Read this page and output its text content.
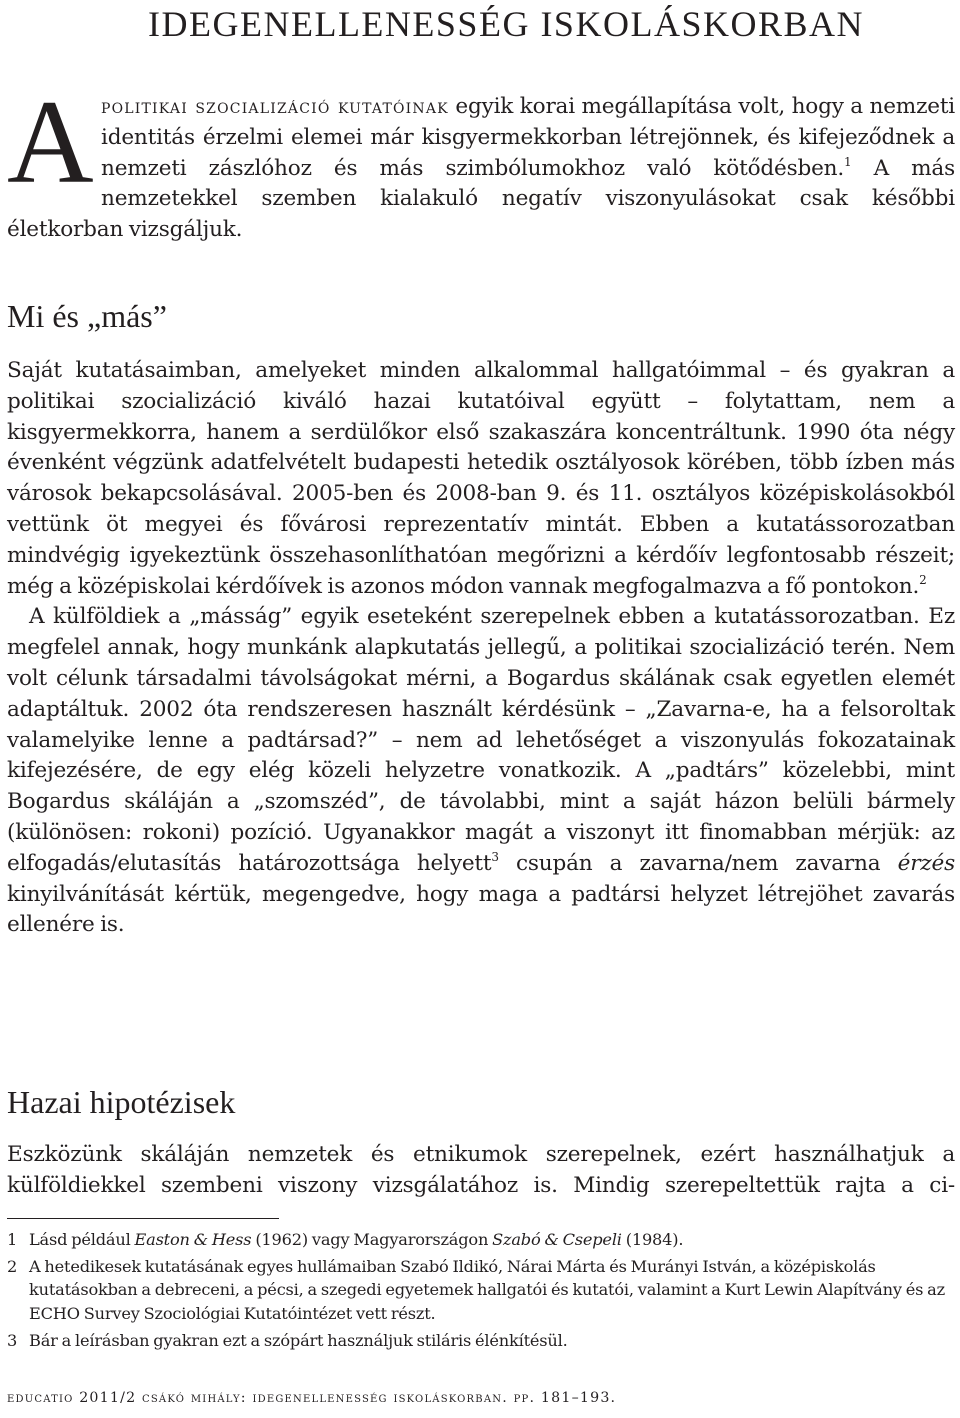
IDEGENELLENESSÉG ISKOLÁSKORBAN

Apolitikai szocializáció kutatóinak egyik korai megállapítása volt, hogy a nemzeti identitás érzelmi elemei már kisgyermekkorban létrejönnek, és kifejeződnek a nemzeti zászlóhoz és más szimbólumokhoz való kötődésben.$^1$ A más nemzetekkel szemben kialakuló negatív viszonyulásokat csak későbbi életkorban vizsgáljuk.

Mi és „más”

Saját kutatásaimban, amelyeket minden alkalommal hallgatóimmal – és gyakran a politikai szocializáció kiváló hazai kutatóival együtt – folytattam, nem a kisgyermekkorra, hanem a serdülőkor első szakaszára koncentráltunk. 1990 óta négy évenként végzünk adatfelvételt budapesti hetedik osztályosok körében, több ízben más városok bekapcsolásával. 2005-ben és 2008-ban 9. és 11. osztályos középiskolásokból vettünk öt megyei és fővárosi reprezentatív mintát. Ebben a kutatássorozatban mindvégig igyekeztünk összehasonlíthatóan megőrizni a kérdőív legfontosabb részeit; még a középiskolai kérdőívek is azonos módon vannak megfogalmazva a fő pontokon.$^2$

A külföldiek a „másság” egyik eseteként szerepelnek ebben a kutatássorozatban. Ez megfelel annak, hogy munkánk alapkutatás jellegű, a politikai szocializáció terén. Nem volt célunk társadalmi távolságokat mérni, a Bogardus skálának csak egyetlen elemét adaptáltuk. 2002 óta rendszeresen használt kérdésünk – „Zavarna-e, ha a felsoroltak valamelyike lenne a padtársad?” – nem ad lehetőséget a viszonyulás fokozatainak kifejezésére, de egy elég közeli helyzetre vonatkozik. A „padtárs” közelebbi, mint Bogardus skáláján a „szomszéd”, de távolabbi, mint a saját házon belüli bármely (különösen: rokoni) pozíció. Ugyanakkor magát a viszonyt itt finomabban mérjük: az elfogadás/elutasítás határozottsága helyett$^3$ csupán a zavarna/nem zavarna érzés kinyilvánítását kértük, megengedve, hogy maga a padtársi helyzet létrejöhet zavarás ellenére is.

Hazai hipotézisek

Eszközünk skáláján nemzetek és etnikumok szerepelnek, ezért használhatjuk a külföldiekkel szembeni viszony vizsgálatához is. Mindig szerepeltettük rajta a ci-

1 Lásd például Easton & Hess (1962) vagy Magyarországon Szabó & Csepeli (1984).

2 A hetedikesek kutatásának egyes hullámaiban Szabó Ildikó, Nárai Márta és Murányi István, a középiskolás kutatásokban a debreceni, a pécsi, a szegedi egyetemek hallgatói és kutatói, valamint a Kurt Lewin Alapítvány és az ECHO Survey Szociológiai Kutatóintézet vett részt.

3 Bár a leírásban gyakran ezt a szópárt használjuk stiláris élénkítésül.

educatio 2011/2 csákó mihály: idegenellenesség iskoláskorban. pp. 181–193.
